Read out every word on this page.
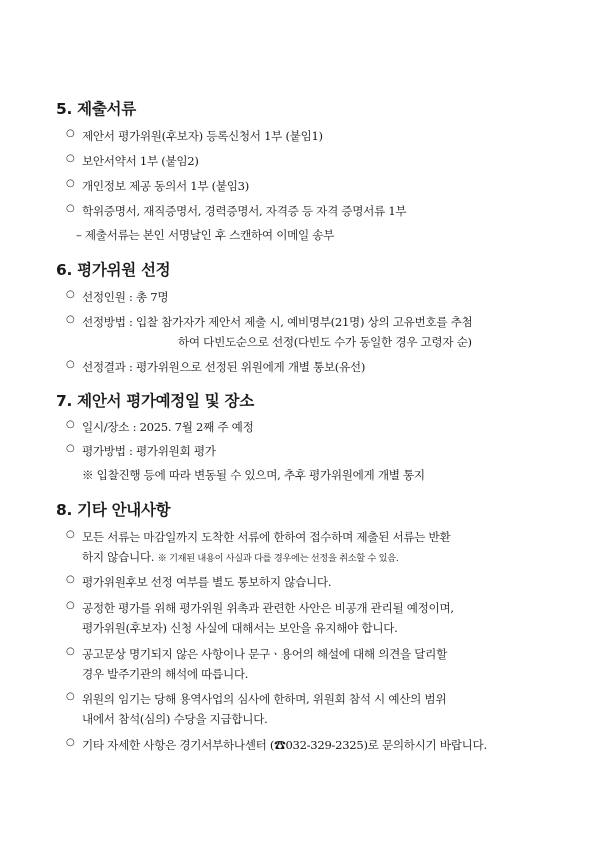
5. 제출서류
○ 제안서 평가위원(후보자) 등록신청서 1부 (붙임1)
○ 보안서약서 1부 (붙임2)
○ 개인정보 제공 동의서 1부 (붙임3)
○ 학위증명서, 재직증명서, 경력증명서, 자격증 등 자격 증명서류 1부
– 제출서류는 본인 서명날인 후 스캔하여 이메일 송부
6. 평가위원 선정
○ 선정인원 : 총 7명
○ 선정방법 : 입찰 참가자가 제안서 제출 시, 예비명부(21명) 상의 고유번호를 추첨
하여 다빈도순으로 선정(다빈도 수가 동일한 경우 고령자 순)
○ 선정결과 : 평가위원으로 선정된 위원에게 개별 통보(유선)
7. 제안서 평가예정일 및 장소
○ 일시/장소 : 2025. 7월 2째 주 예정
○ 평가방법 : 평가위원회 평가
※ 입찰진행 등에 따라 변동될 수 있으며, 추후 평가위원에게 개별 통지
8. 기타 안내사항
○ 모든 서류는 마감일까지 도착한 서류에 한하여 접수하며 제출된 서류는 반환
하지 않습니다. ※ 기재된 내용이 사실과 다를 경우에는 선정을 취소할 수 있음.
○ 평가위원후보 선정 여부를 별도 통보하지 않습니다.
○ 공정한 평가를 위해 평가위원 위촉과 관련한 사안은 비공개 관리될 예정이며,
평가위원(후보자) 신청 사실에 대해서는 보안을 유지해야 합니다.
○ 공고문상 명기되지 않은 사항이나 문구ㆍ용어의 해설에 대해 의견을 달리할
경우 발주기관의 해석에 따릅니다.
○ 위원의 임기는 당해 용역사업의 심사에 한하며, 위원회 참석 시 예산의 범위
내에서 참석(심의) 수당을 지급합니다.
○ 기타 자세한 사항은 경기서부하나센터 (☎032-329-2325)로 문의하시기 바랍니다.
